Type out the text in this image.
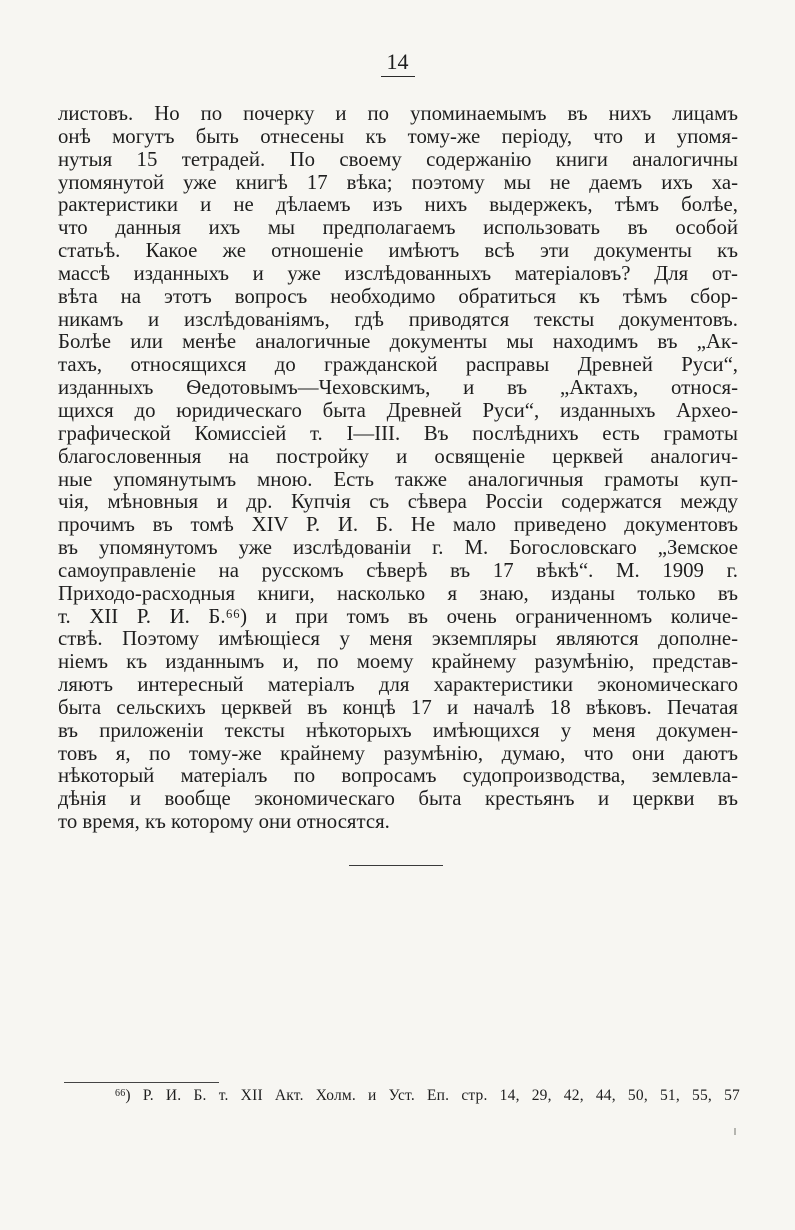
14
листовъ. Но по почерку и по упоминаемымъ въ нихъ лицамъ
онѣ могутъ быть отнесены къ тому-же періоду, что и упомя-
нутыя 15 тетрадей. По своему содержанію книги аналогичны
упомянутой уже книгѣ 17 вѣка; поэтому мы не даемъ ихъ ха-
рактеристики и не дѣлаемъ изъ нихъ выдержекъ, тѣмъ болѣе,
что данныя ихъ мы предполагаемъ использовать въ особой
статьѣ. Какое же отношеніе имѣютъ всѣ эти документы къ
массѣ изданныхъ и уже изслѣдованныхъ матеріаловъ? Для от-
вѣта на этотъ вопросъ необходимо обратиться къ тѣмъ сбор-
никамъ и изслѣдованіямъ, гдѣ приводятся тексты документовъ.
Болѣе или менѣе аналогичные документы мы находимъ въ „Ак-
тахъ, относящихся до гражданской расправы Древней Руси“,
изданныхъ Ѳедотовымъ—Чеховскимъ, и въ „Актахъ, относя-
щихся до юридическаго быта Древней Руси“, изданныхъ Археo-
графической Комиссіей т. I—III. Въ послѣднихъ есть грамоты
благословенныя на постройку и освященіе церквей аналогич-
ные упомянутымъ мною. Есть также аналогичныя грамоты куп-
чія, мѣновныя и др. Купчія съ сѣвера Россіи содержатся между
прочимъ въ томѣ XIV Р. И. Б. Не мало приведено документовъ
въ упомянутомъ уже изслѣдованіи г. М. Богословскаго „Земское
самоуправленіе на русскомъ сѣверѣ въ 17 вѣкѣ“. М. 1909 г.
Приходо-расходныя книги, насколько я знаю, изданы только въ
т. XII Р. И. Б.⁶⁶) и при томъ въ очень ограниченномъ количе-
ствѣ. Поэтому имѣющіеся у меня экземпляры являются дополне-
ніемъ къ изданнымъ и, по моему крайнему разумѣнію, представ-
ляютъ интересный матеріалъ для характеристики экономическаго
быта сельскихъ церквей въ концѣ 17 и началѣ 18 вѣковъ. Печатая
въ приложеніи тексты нѣкоторыхъ имѣющихся у меня докумен-
товъ я, по тому-же крайнему разумѣнію, думаю, что они даютъ
нѣкоторый матеріалъ по вопросамъ судопроизводства, землевла-
дѣнія и вообще экономическаго быта крестьянъ и церкви въ
то время, къ которому они относятся.
$^{66}$) Р. И. Б. т. XII Акт. Холм. и Уст. Еп. стр. 14, 29, 42, 44, 50, 51, 55, 57
